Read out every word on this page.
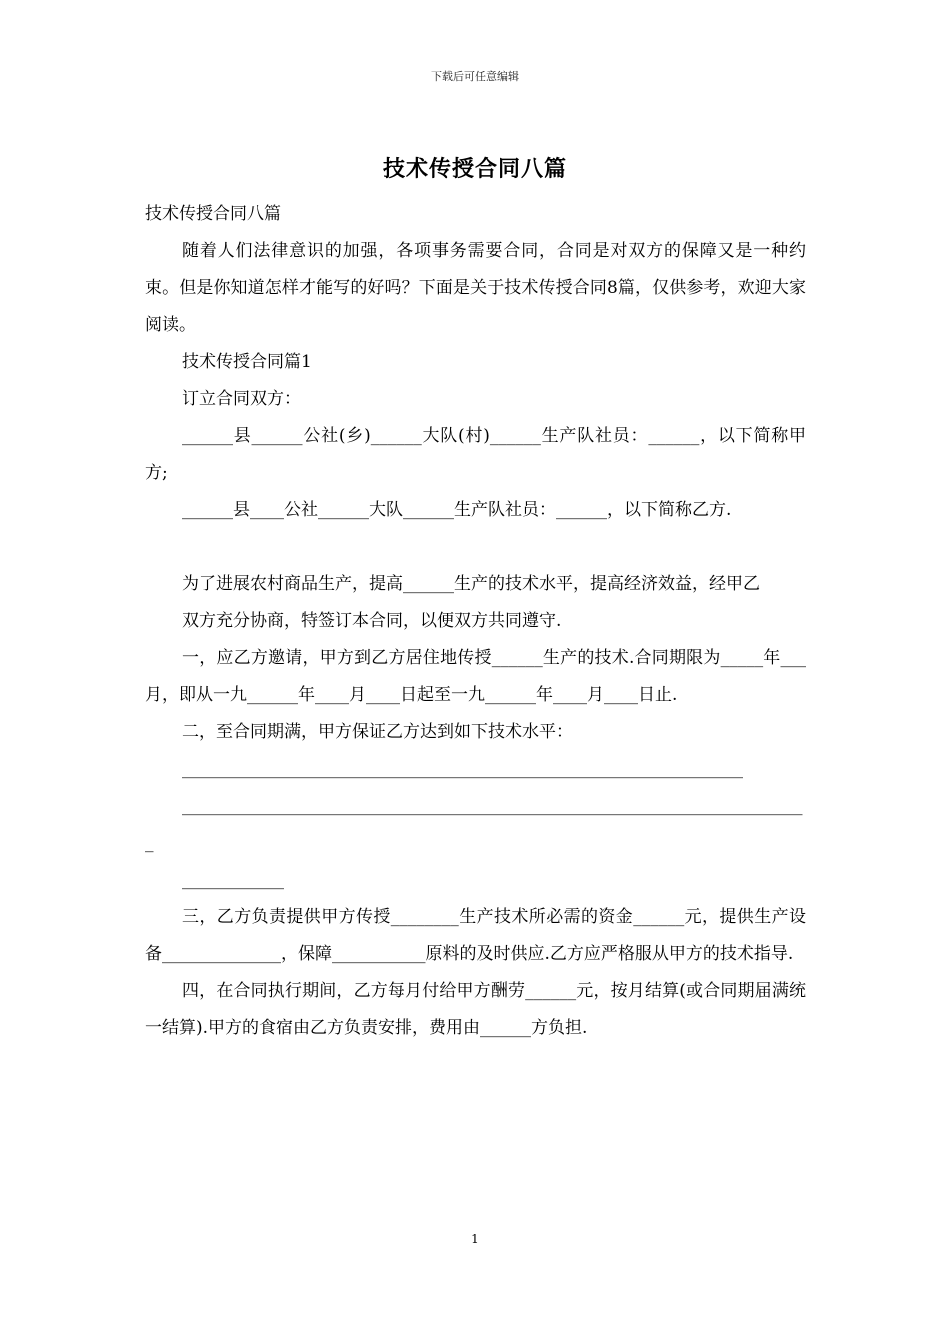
下载后可任意编辑
技术传授合同八篇

技术传授合同八篇

随着人们法律意识的加强，各项事务需要合同，合同是对双方的保障又是一种约束。但是你知道怎样才能写的好吗？下面是关于技术传授合同8篇，仅供参考，欢迎大家阅读。

技术传授合同篇1

订立合同双方：

______县______公社(乡)______大队(村)______生产队社员：______，以下简称甲方;

______县____公社______大队______生产队社员：______，以下简称乙方.

为了进展农村商品生产，提高______生产的技术水平，提高经济效益，经甲乙

双方充分协商，特签订本合同，以便双方共同遵守.

一，应乙方邀请，甲方到乙方居住地传授______生产的技术.合同期限为_____年___月，即从一九______年____月____日起至一九______年____月____日止.

二，至合同期满，甲方保证乙方达到如下技术水平：

__________________________________________________________________

__________________________________________________________________________

____________

三，乙方负责提供甲方传授________生产技术所必需的资金______元，提供生产设备______________，保障___________原料的及时供应.乙方应严格服从甲方的技术指导.

四，在合同执行期间，乙方每月付给甲方酬劳______元，按月结算(或合同期届满统一结算).甲方的食宿由乙方负责安排，费用由______方负担.

1
